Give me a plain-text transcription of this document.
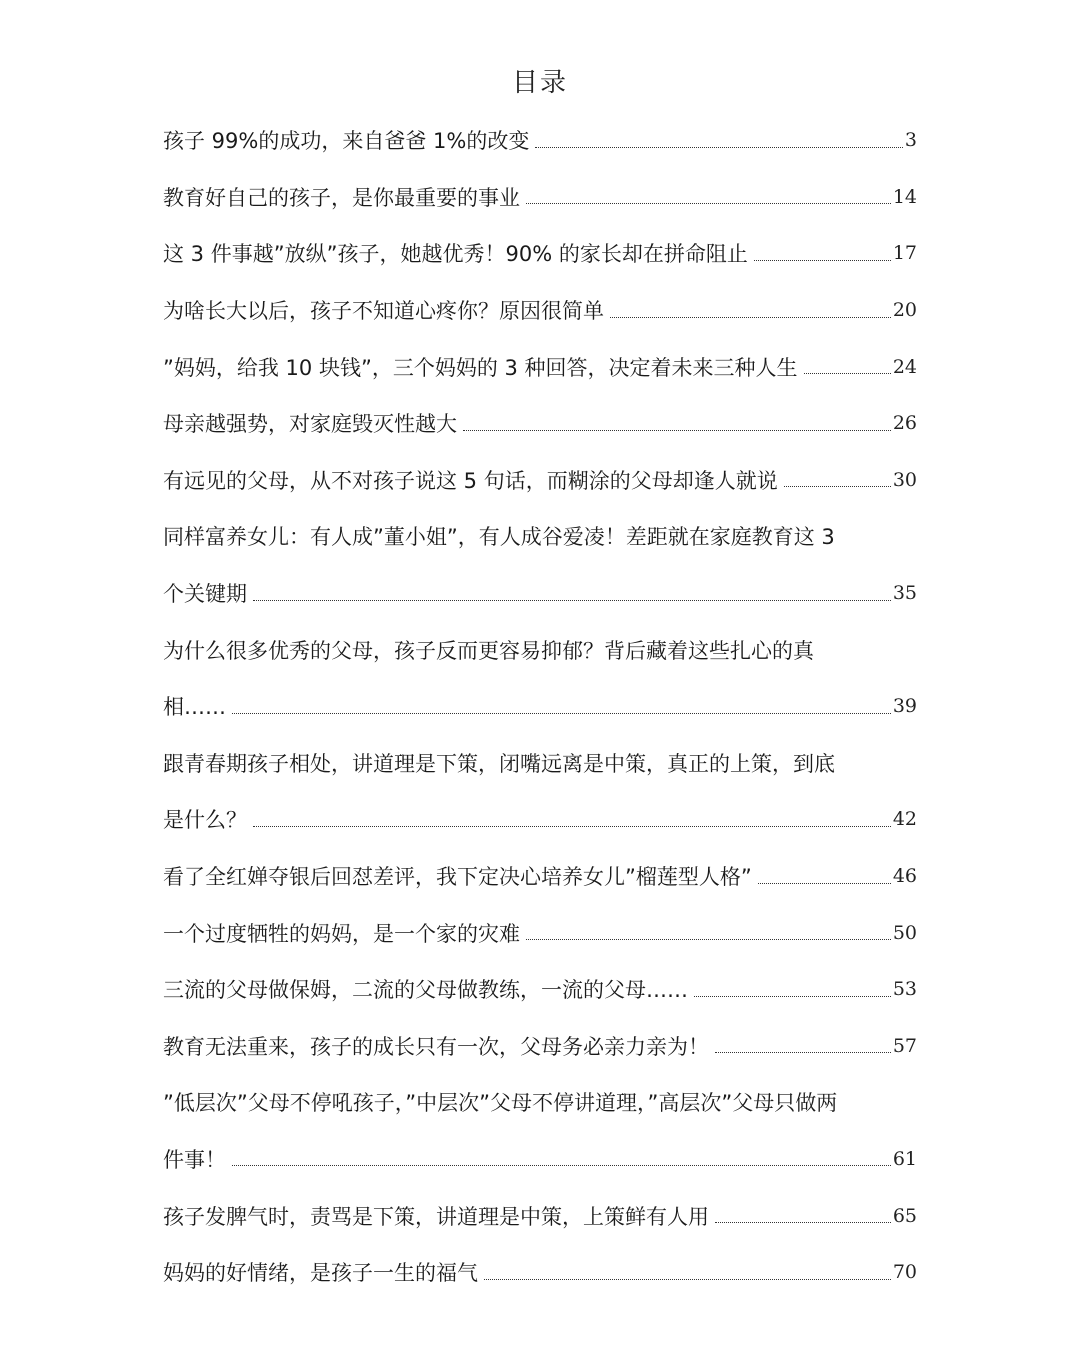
目录
孩子 99%的成功，来自爸爸 1%的改变	3
教育好自己的孩子，是你最重要的事业	14
这 3 件事越”放纵”孩子，她越优秀！90% 的家长却在拼命阻止	17
为啥长大以后，孩子不知道心疼你？原因很简单	20
”妈妈，给我 10 块钱”，三个妈妈的 3 种回答，决定着未来三种人生	24
母亲越强势，对家庭毁灭性越大	26
有远见的父母，从不对孩子说这 5 句话，而糊涂的父母却逢人就说	30
同样富养女儿：有人成”董小姐”，有人成谷爱凌！差距就在家庭教育这 3
个关键期	35
为什么很多优秀的父母，孩子反而更容易抑郁？背后藏着这些扎心的真
相……	39
跟青春期孩子相处，讲道理是下策，闭嘴远离是中策，真正的上策，到底
是什么？	42
看了全红婵夺银后回怼差评，我下定决心培养女儿”榴莲型人格”	46
一个过度牺牲的妈妈，是一个家的灾难	50
三流的父母做保姆，二流的父母做教练，一流的父母……	53
教育无法重来，孩子的成长只有一次，父母务必亲力亲为！	57
”低层次”父母不停吼孩子，”中层次”父母不停讲道理，”高层次”父母只做两
件事！	61
孩子发脾气时，责骂是下策，讲道理是中策，上策鲜有人用	65
妈妈的好情绪，是孩子一生的福气	70
